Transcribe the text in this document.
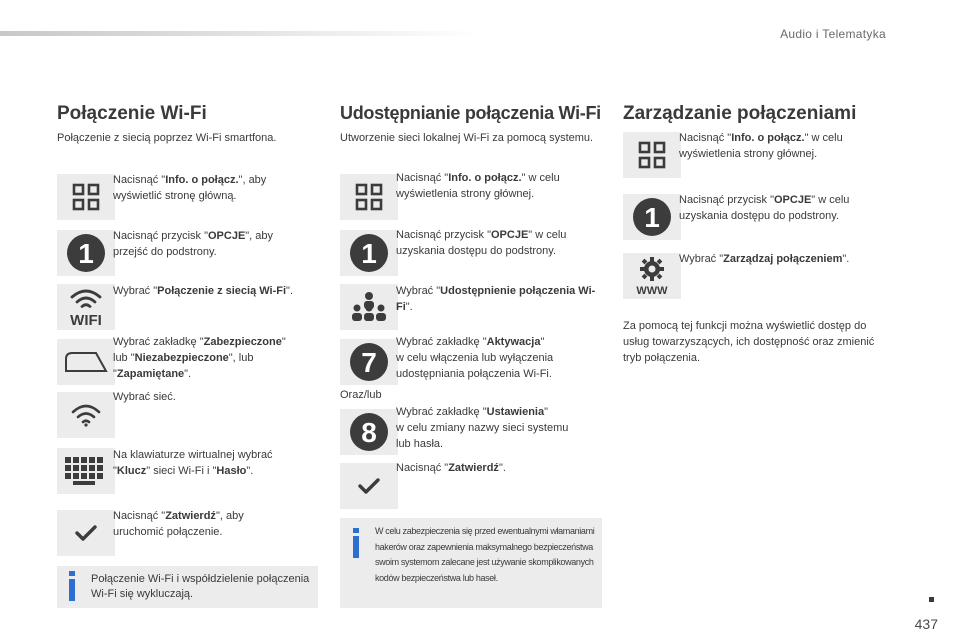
Audio i Telematyka
Połączenie Wi-Fi
Połączenie z siecią poprzez Wi-Fi smartfona.
Nacisnąć "Info. o połącz.", aby wyświetlić stronę główną.
1
Nacisnąć przycisk "OPCJE", aby przejść do podstrony.
WIFI
Wybrać "Połączenie z siecią Wi-Fi".
Wybrać zakładkę "Zabezpieczone"
lub "Niezabezpieczone", lub
"Zapamiętane".
Wybrać sieć.
Na klawiaturze wirtualnej wybrać
"Klucz" sieci Wi-Fi i "Hasło".
Nacisnąć "Zatwierdź", aby uruchomić połączenie.
Połączenie Wi-Fi i współdzielenie połączenia Wi-Fi się wykluczają.
Udostępnianie połączenia Wi-Fi
Utworzenie sieci lokalnej Wi-Fi za pomocą systemu.
Nacisnąć "Info. o połącz." w celu wyświetlenia strony głównej.
1
Nacisnąć przycisk "OPCJE" w celu uzyskania dostępu do podstrony.
Wybrać "Udostępnienie połączenia Wi-Fi".
7
Wybrać zakładkę "Aktywacja"
w celu włączenia lub wyłączenia
udostępniania połączenia Wi-Fi.
Oraz/lub
8
Wybrać zakładkę "Ustawienia"
w celu zmiany nazwy sieci systemu
lub hasła.
Nacisnąć "Zatwierdź".
W celu zabezpieczenia się przed ewentualnymi włamaniami hakerów oraz zapewnienia maksymalnego bezpieczeństwa swoim systemom zalecane jest używanie skomplikowanych kodów bezpieczeństwa lub haseł.
Zarządzanie połączeniami
Nacisnąć "Info. o połącz." w celu wyświetlenia strony głównej.
1
Nacisnąć przycisk "OPCJE" w celu uzyskania dostępu do podstrony.
WWW
Wybrać "Zarządzaj połączeniem".
Za pomocą tej funkcji można wyświetlić dostęp do usług towarzyszących, ich dostępność oraz zmienić tryb połączenia.
437
